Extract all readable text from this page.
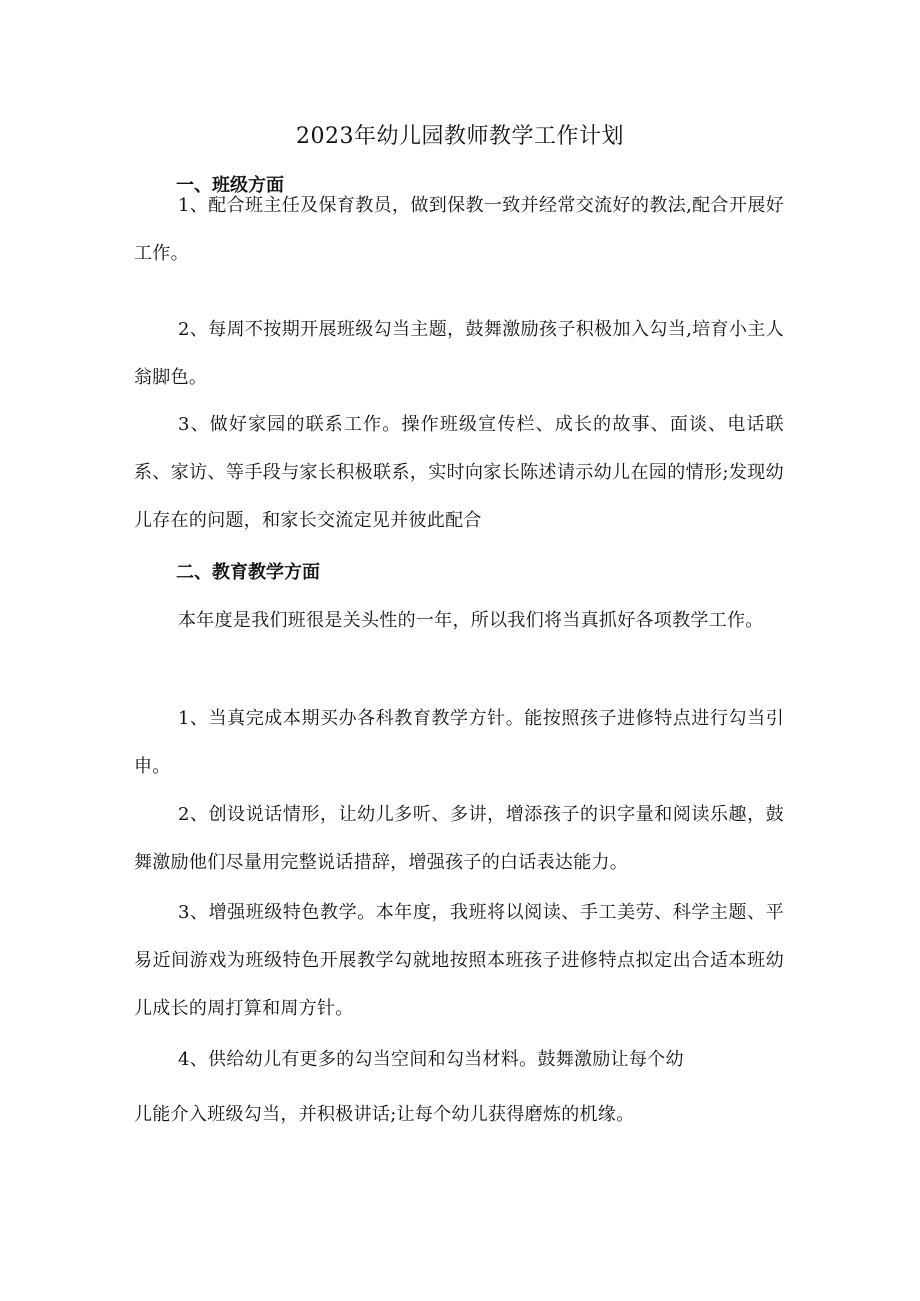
2023年幼儿园教师教学工作计划
一、班级方面
1、配合班主任及保育教员，做到保教一致并经常交流好的教法,配合开展好工作。
2、每周不按期开展班级勾当主题，鼓舞激励孩子积极加入勾当,培育小主人翁脚色。
3、做好家园的联系工作。操作班级宣传栏、成长的故事、面谈、电话联系、家访、等手段与家长积极联系，实时向家长陈述请示幼儿在园的情形;发现幼儿存在的问题，和家长交流定见并彼此配合
二、教育教学方面
本年度是我们班很是关头性的一年，所以我们将当真抓好各项教学工作。
1、当真完成本期买办各科教育教学方针。能按照孩子进修特点进行勾当引申。
2、创设说话情形，让幼儿多听、多讲，增添孩子的识字量和阅读乐趣，鼓舞激励他们尽量用完整说话措辞，增强孩子的白话表达能力。
3、增强班级特色教学。本年度，我班将以阅读、手工美劳、科学主题、平易近间游戏为班级特色开展教学勾就地按照本班孩子进修特点拟定出合适本班幼儿成长的周打算和周方针。
4、供给幼儿有更多的勾当空间和勾当材料。鼓舞激励让每个幼
儿能介入班级勾当，并积极讲话;让每个幼儿获得磨炼的机缘。
